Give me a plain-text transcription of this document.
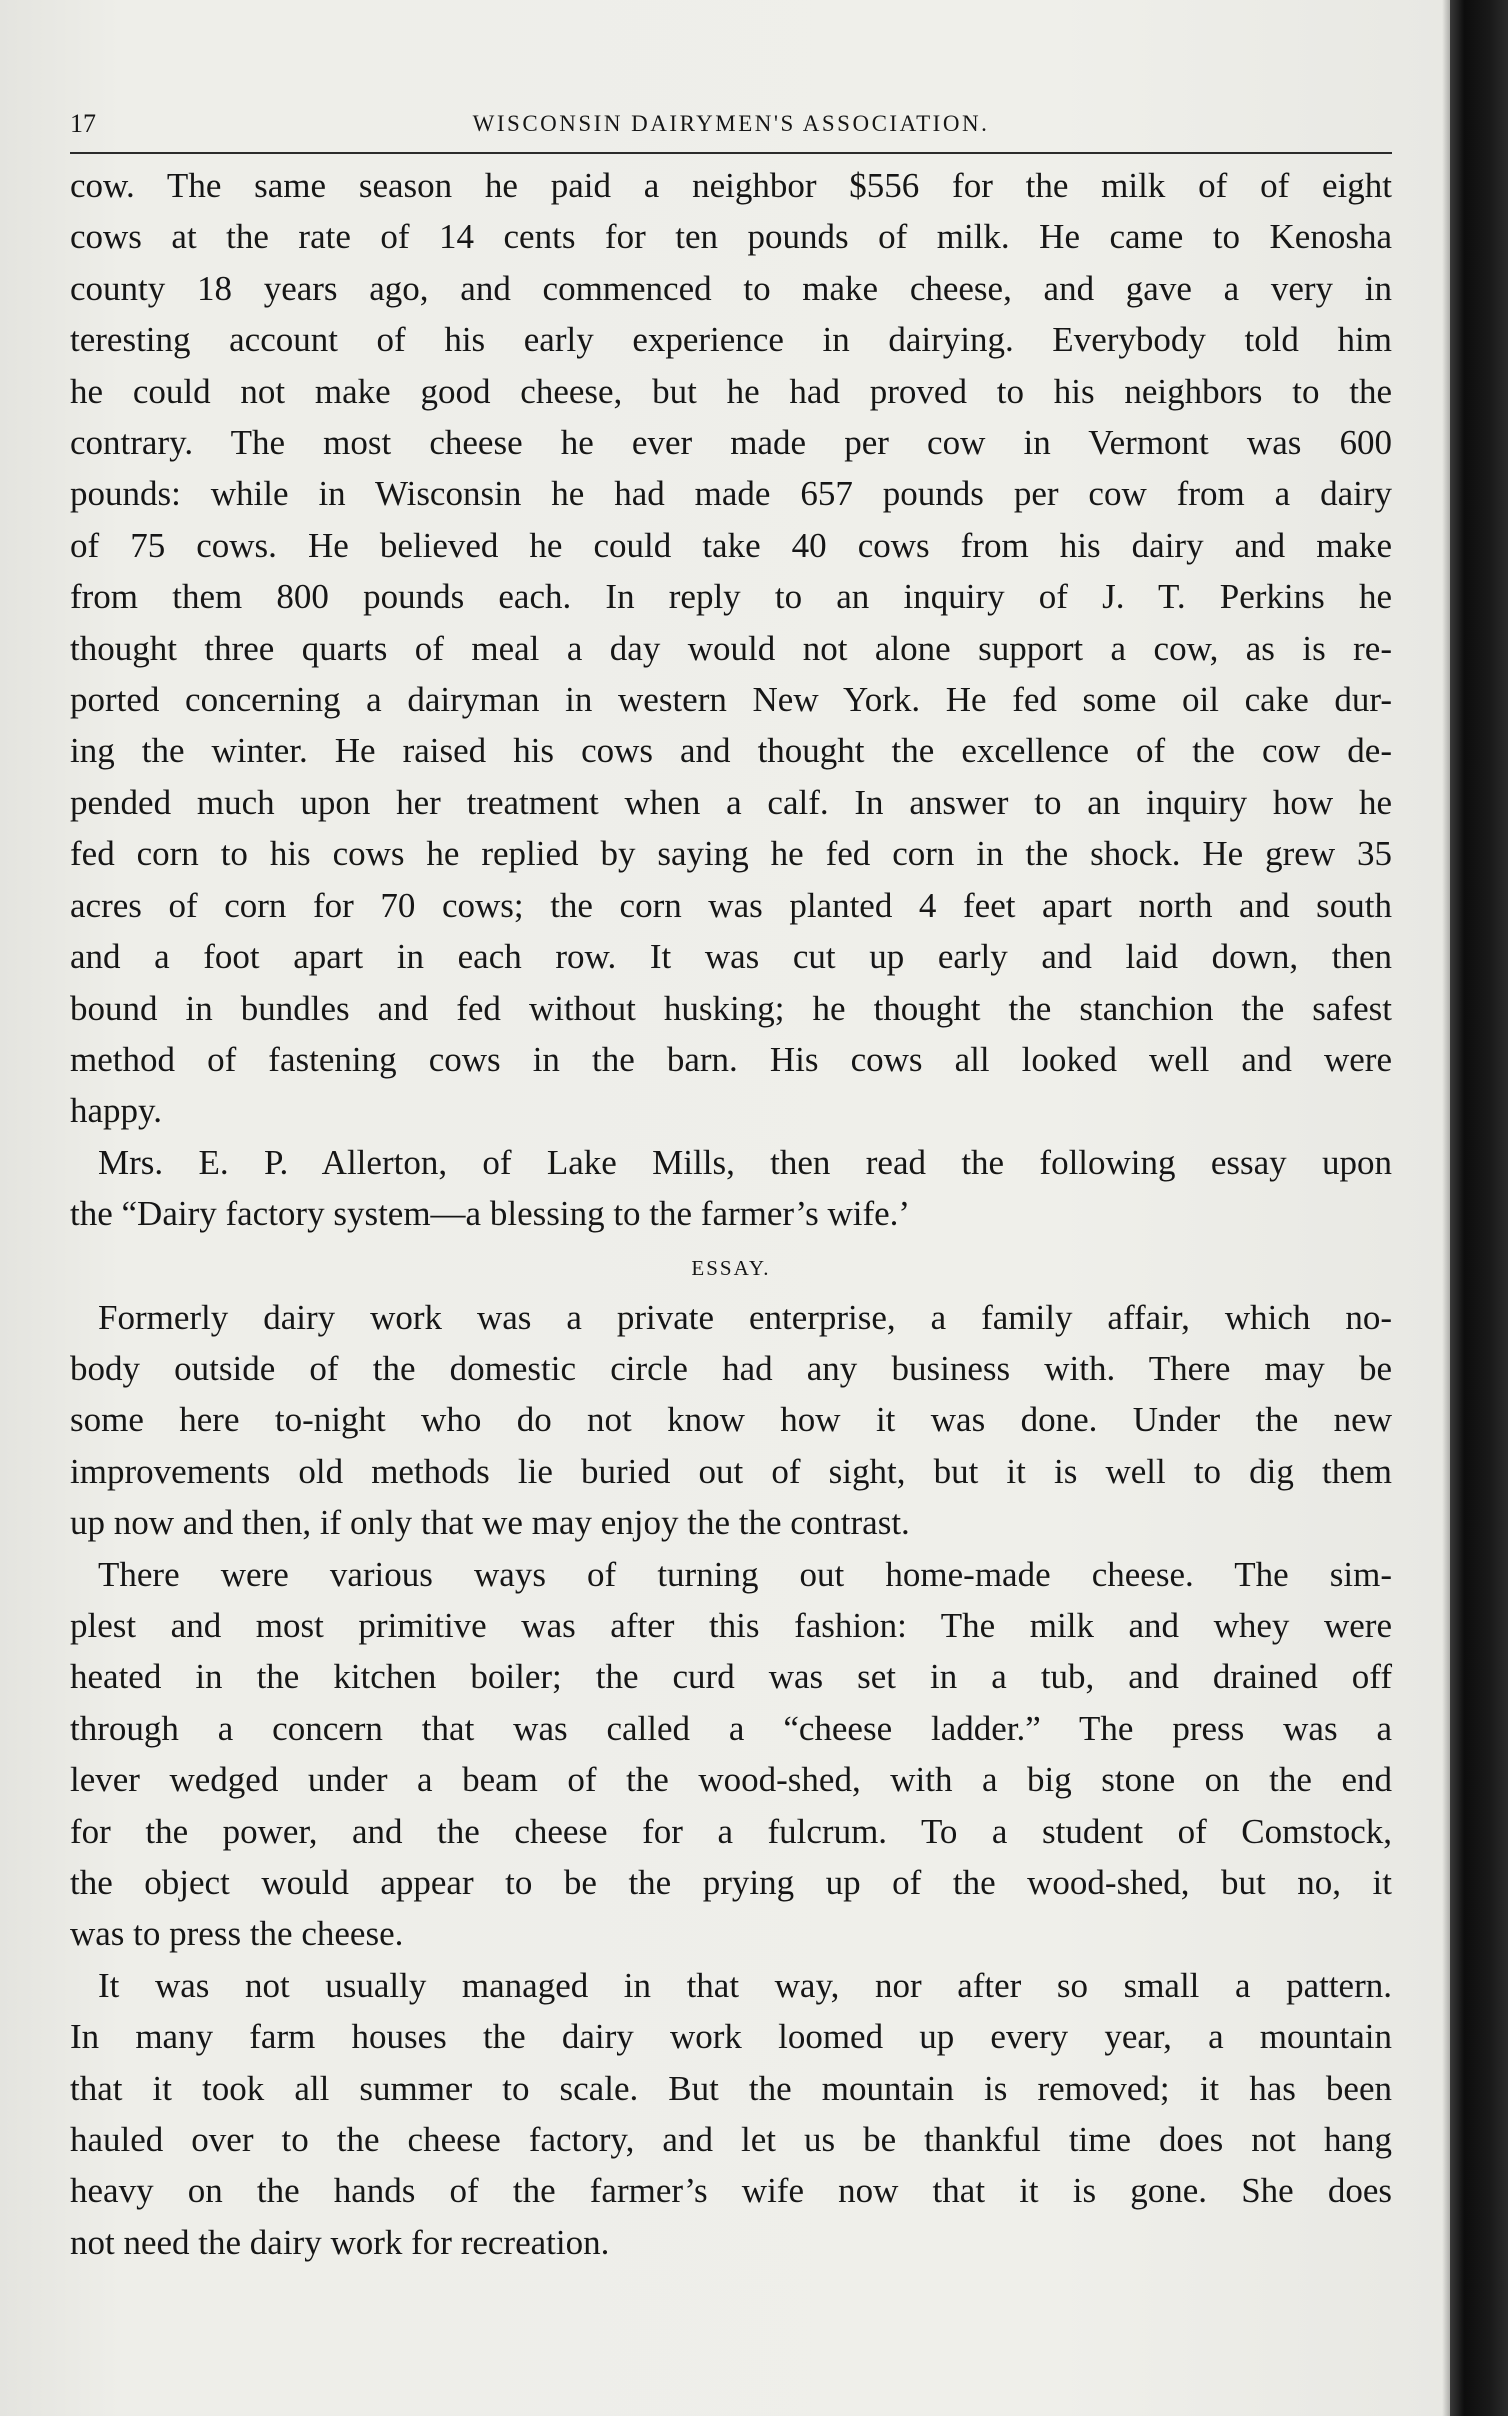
17	WISCONSIN DAIRYMEN'S ASSOCIATION.
cow. The same season he paid a neighbor $556 for the milk of of eight
cows at the rate of 14 cents for ten pounds of milk. He came to Kenosha
county 18 years ago, and commenced to make cheese, and gave a very in
teresting account of his early experience in dairying. Everybody told him
he could not make good cheese, but he had proved to his neighbors to the
contrary. The most cheese he ever made per cow in Vermont was 600
pounds: while in Wisconsin he had made 657 pounds per cow from a dairy
of 75 cows. He believed he could take 40 cows from his dairy and make
from them 800 pounds each. In reply to an inquiry of J. T. Perkins he
thought three quarts of meal a day would not alone support a cow, as is re-
ported concerning a dairyman in western New York. He fed some oil cake dur-
ing the winter. He raised his cows and thought the excellence of the cow de-
pended much upon her treatment when a calf. In answer to an inquiry how he
fed corn to his cows he replied by saying he fed corn in the shock. He grew 35
acres of corn for 70 cows; the corn was planted 4 feet apart north and south
and a foot apart in each row. It was cut up early and laid down, then
bound in bundles and fed without husking; he thought the stanchion the safest
method of fastening cows in the barn. His cows all looked well and were
happy.
Mrs. E. P. Allerton, of Lake Mills, then read the following essay upon
the “Dairy factory system—a blessing to the farmer’s wife.’
ESSAY.
Formerly dairy work was a private enterprise, a family affair, which no-
body outside of the domestic circle had any business with. There may be
some here to-night who do not know how it was done. Under the new
improvements old methods lie buried out of sight, but it is well to dig them
up now and then, if only that we may enjoy the the contrast.
There were various ways of turning out home-made cheese. The sim-
plest and most primitive was after this fashion: The milk and whey were
heated in the kitchen boiler; the curd was set in a tub, and drained off
through a concern that was called a “cheese ladder.” The press was a
lever wedged under a beam of the wood-shed, with a big stone on the end
for the power, and the cheese for a fulcrum. To a student of Comstock,
the object would appear to be the prying up of the wood-shed, but no, it
was to press the cheese.
It was not usually managed in that way, nor after so small a pattern.
In many farm houses the dairy work loomed up every year, a mountain
that it took all summer to scale. But the mountain is removed; it has been
hauled over to the cheese factory, and let us be thankful time does not hang
heavy on the hands of the farmer’s wife now that it is gone. She does
not need the dairy work for recreation.
